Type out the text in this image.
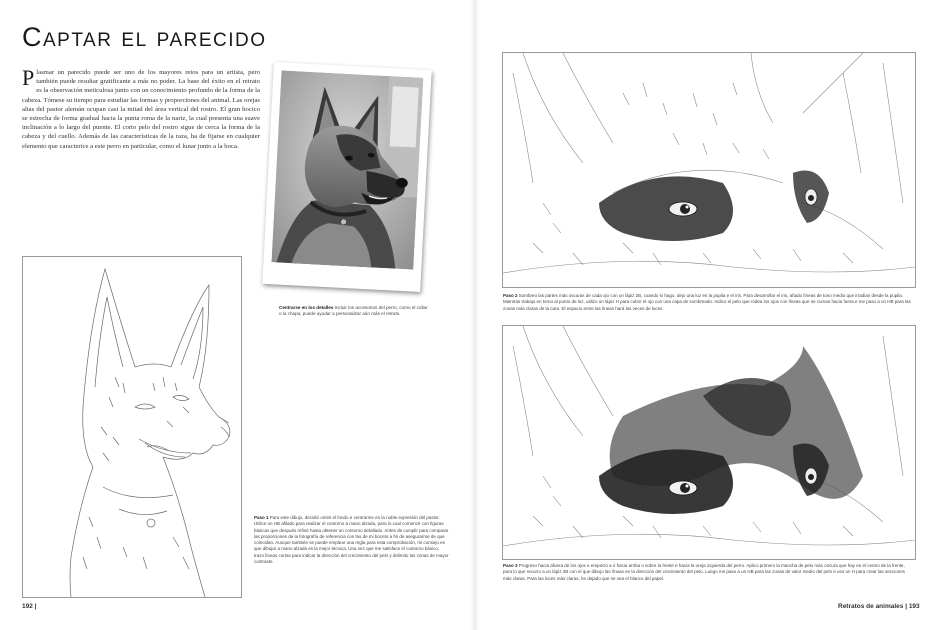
Captar el parecido

Plasmar un parecido puede ser uno de los mayores retos para un artista, pero también puede resultar gratificante a más no poder. La base del éxito en el retrato es la observación meticulosa junto con un conocimiento profundo de la forma de la cabeza. Tómese su tiempo para estudiar las formas y proporciones del animal. Las orejas altas del pastor alemán ocupan casi la mitad del área vertical del rostro. El gran hocico se estrecha de forma gradual hacia la punta roma de la nariz, la cual presenta una suave inclinación a lo largo del puente. El corto pelo del rostro sigue de cerca la forma de la cabeza y del cuello. Además de las características de la raza, ha de fijarse en cualquier elemento que caracterice a este perro en particular, como el lunar junto a la boca.

Centrarse en los detalles Incluir los accesorios del perro, como el collar o la chapa, puede ayudar a personalizar aún más el retrato.

Paso 1 Para este dibujo, decidió omitir el fondo e centrarme en la noble expresión del pastor. Utilice un HB afilado para realizar el contorno a mano alzada, para lo cual comencé con figuras básicas que después refiné hasta obtener un contorno detallado. Antes de cumplir para comparar las proporciones de la fotografía de referencia con las de mi boceto a fin de asegurarme de que coincidan. Aunque también se puede emplear una regla para esta comprobación, mi consejo es que dibujar a mano alzada es la mejor técnica. Una vez que me satisface el contorno básico, trazo líneas cortas para indicar la dirección del crecimiento del pelo y delimito las zonas de mayor contraste.

192 |

Paso 2 Sombreo las partes más oscuras de cada ojo con un lápiz 2B, cuando lo hago, dejo una luz en la pupila e el iris. Para desarrollar el iris, añado líneas de tono medio que irradian desde la pupila. Mientras trabajo en torno al punto de luz, utilizo un lápiz H para cubrir el ojo con una capa de sombreado. Indico el pelo que rodea los ojos con líneas que se curvan hacia fuera e me paso a un HB para las zonas más claras de la cara. El espacio entre las líneas hará las veces de luces.

Paso 3 Progreso hacia afuera de los ojos e empiezo a ir hacia arriba o sobre la frente e hacia la oreja izquierda del perro. Aplico primero la mancha de pelo más oscura que hay en el centro de la frente, para lo que recurro a un lápiz 2B con el que dibujo las líneas en la dirección del crecimiento del pelo. Luego me paso a un HB para las zonas de valor medio del pelo e uso un H para crear las secciones más claras. Para las luces más claras, he dejado que se vea el blanco del papel.

Retratos de animales | 193
